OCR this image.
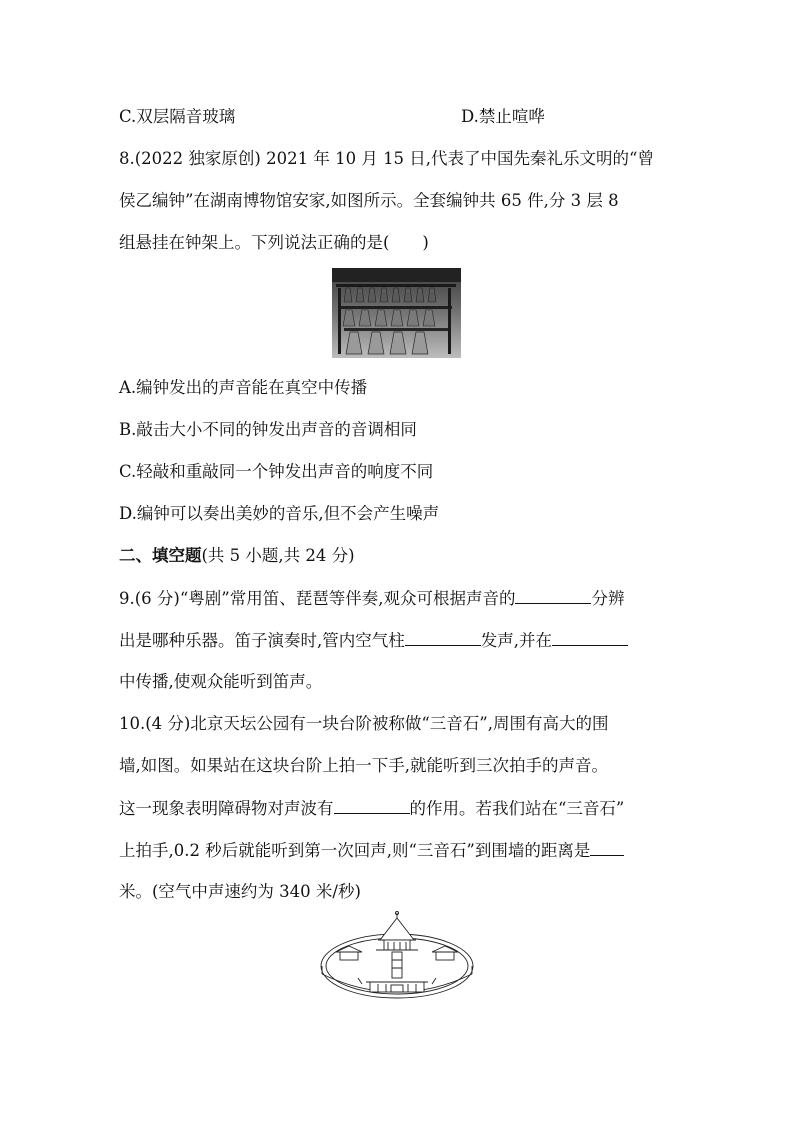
C.双层隔音玻璃	D.禁止喧哗
8.(2022 独家原创) 2021 年 10 月 15 日,代表了中国先秦礼乐文明的“曾
侯乙编钟”在湖南博物馆安家,如图所示。全套编钟共 65 件,分 3 层 8
组悬挂在钟架上。下列说法正确的是(　　)
A.编钟发出的声音能在真空中传播
B.敲击大小不同的钟发出声音的音调相同
C.轻敲和重敲同一个钟发出声音的响度不同
D.编钟可以奏出美妙的音乐,但不会产生噪声
二、填空题(共 5 小题,共 24 分)
9.(6 分)“粤剧”常用笛、琵琶等伴奏,观众可根据声音的	分辨
出是哪种乐器。笛子演奏时,管内空气柱	发声,并在
中传播,使观众能听到笛声。
10.(4 分)北京天坛公园有一块台阶被称做“三音石”,周围有高大的围
墙,如图。如果站在这块台阶上拍一下手,就能听到三次拍手的声音。
这一现象表明障碍物对声波有	的作用。若我们站在“三音石”
上拍手,0.2 秒后就能听到第一次回声,则“三音石”到围墙的距离是
米。(空气中声速约为 340 米/秒)
